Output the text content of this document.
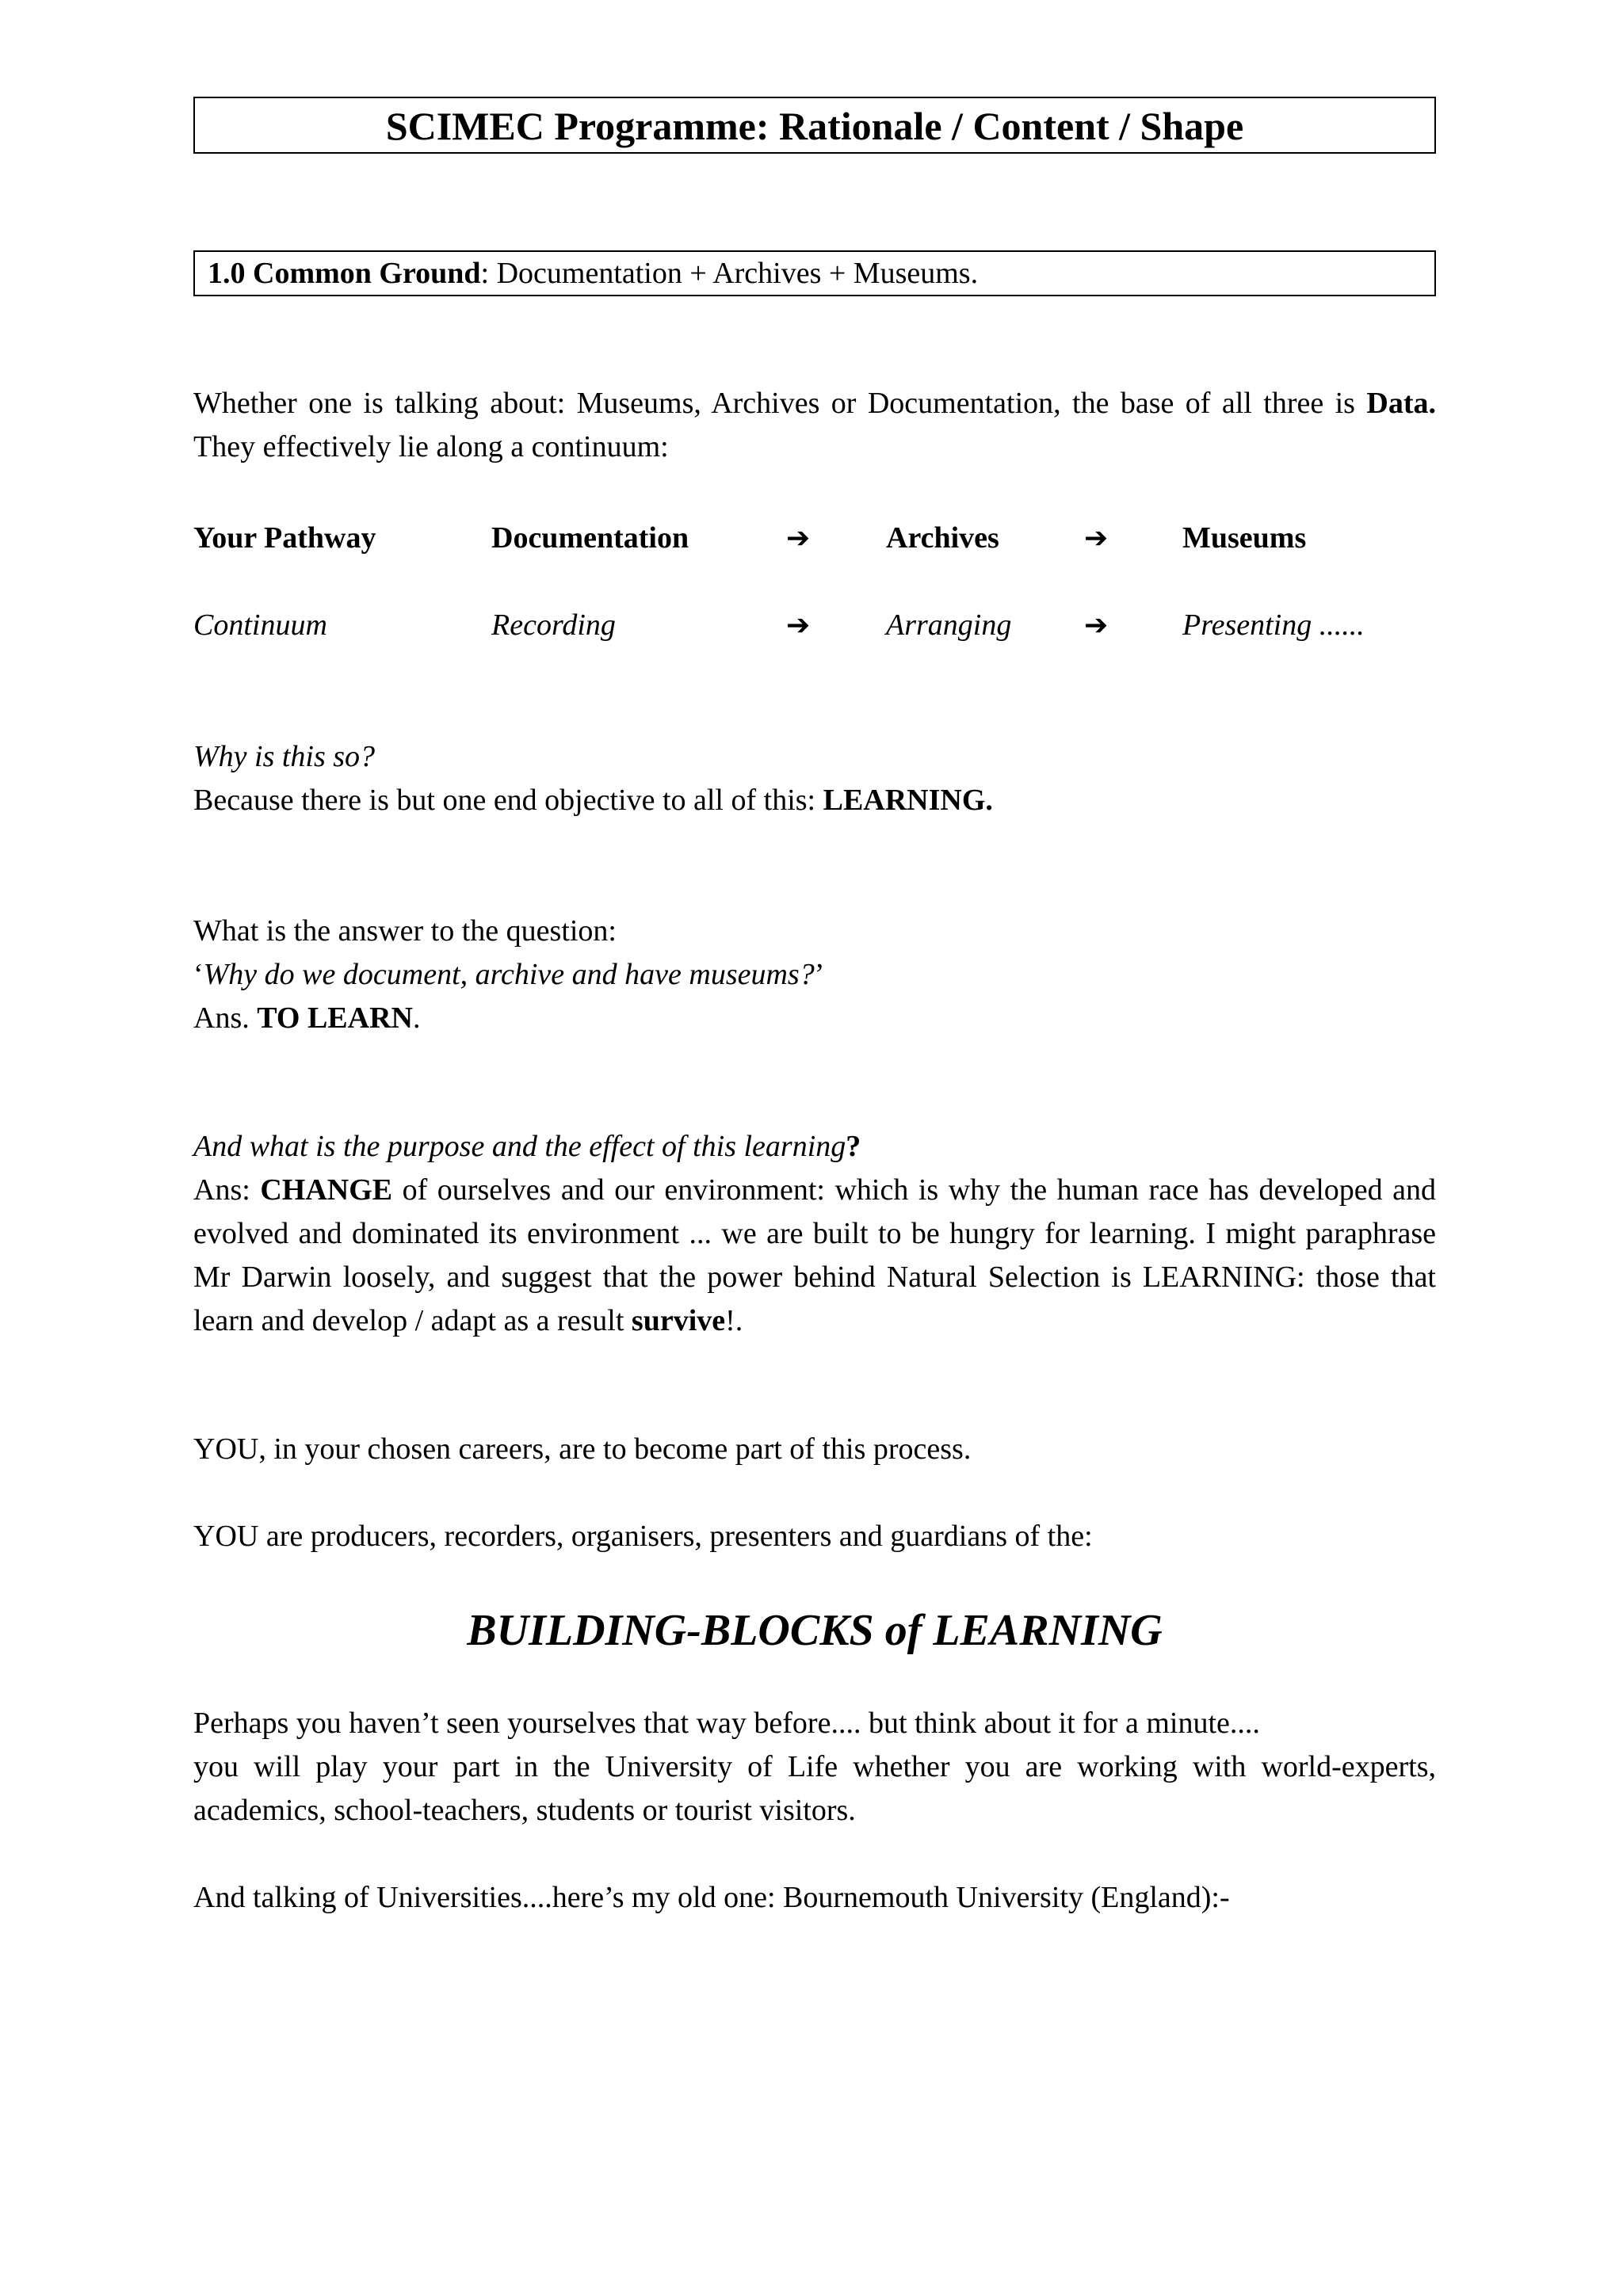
SCIMEC Programme: Rationale / Content / Shape
1.0 Common Ground: Documentation + Archives + Museums.
Whether one is talking about: Museums, Archives or Documentation, the base of all three is Data. They effectively lie along a continuum:
Your Pathway	Documentation	➔	Archives	➔ Museums
Continuum	Recording	➔	Arranging	➔ Presenting ......
Why is this so?
Because there is but one end objective to all of this: LEARNING.
What is the answer to the question:
‘Why do we document, archive and have museums?’
Ans. TO LEARN.
And what is the purpose and the effect of this learning?
Ans: CHANGE of ourselves and our environment: which is why the human race has developed and evolved and dominated its environment ... we are built to be hungry for learning. I might paraphrase Mr Darwin loosely, and suggest that the power behind Natural Selection is LEARNING: those that learn and develop / adapt as a result survive!.
YOU, in your chosen careers, are to become part of this process.
YOU are producers, recorders, organisers, presenters and guardians of the:
BUILDING-BLOCKS of LEARNING
Perhaps you haven’t seen yourselves that way before.... but think about it for a minute....
you will play your part in the University of Life whether you are working with world-experts, academics, school-teachers, students or tourist visitors.
And talking of Universities....here’s my old one: Bournemouth University (England):-
